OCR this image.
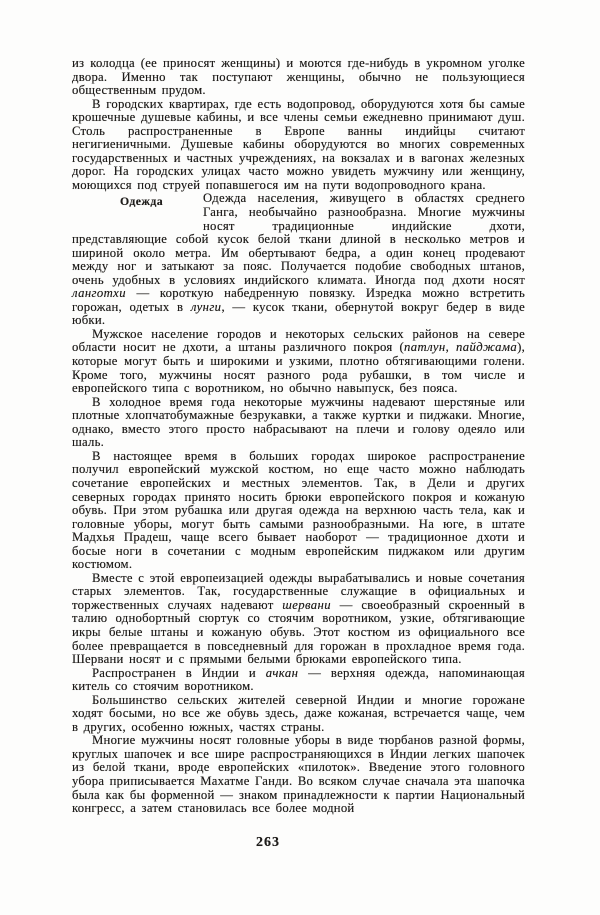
из колодца (ее приносят женщины) и моются где-нибудь в укромном уголке двора. Именно так поступают женщины, обычно не пользующиеся общественным прудом.

В городских квартирах, где есть водопровод, оборудуются хотя бы самые крошечные душевые кабины, и все члены семьи ежедневно принимают душ. Столь распространенные в Европе ванны индийцы считают негигиеничными. Душевые кабины оборудуются во многих современных государственных и частных учреждениях, на вокзалах и в вагонах железных дорог. На городских улицах часто можно увидеть мужчину или женщину, моющихся под струей попавшегося им на пути водопроводного крана.

Одежда	Одежда населения, живущего в областях среднего Ганга, необычайно разнообразна. Многие мужчины носят традиционные индийские дхоти, представляющие собой кусок белой ткани длиной в несколько метров и шириной около метра. Им обертывают бедра, а один конец продевают между ног и затыкают за пояс. Получается подобие свободных штанов, очень удобных в условиях индийского климата. Иногда под дхоти носят ланготхи — короткую набедренную повязку. Изредка можно встретить горожан, одетых в лунги, — кусок ткани, обернутой вокруг бедер в виде юбки.

Мужское население городов и некоторых сельских районов на севере области носит не дхоти, а штаны различного покроя (патлун, пайджама), которые могут быть и широкими и узкими, плотно обтягивающими голени. Кроме того, мужчины носят разного рода рубашки, в том числе и европейского типа с воротником, но обычно навыпуск, без пояса.

В холодное время года некоторые мужчины надевают шерстяные или плотные хлопчатобумажные безрукавки, а также куртки и пиджаки. Многие, однако, вместо этого просто набрасывают на плечи и голову одеяло или шаль.

В настоящее время в больших городах широкое распространение получил европейский мужской костюм, но еще часто можно наблюдать сочетание европейских и местных элементов. Так, в Дели и других северных городах принято носить брюки европейского покроя и кожаную обувь. При этом рубашка или другая одежда на верхнюю часть тела, как и головные уборы, могут быть самыми разнообразными. На юге, в штате Мадхья Прадеш, чаще всего бывает наоборот — традиционное дхоти и босые ноги в сочетании с модным европейским пиджаком или другим костюмом.

Вместе с этой европеизацией одежды вырабатывались и новые сочетания старых элементов. Так, государственные служащие в официальных и торжественных случаях надевают шервани — своеобразный скроенный в талию однобортный сюртук со стоячим воротником, узкие, обтягивающие икры белые штаны и кожаную обувь. Этот костюм из официального все более превращается в повседневный для горожан в прохладное время года. Шервани носят и с прямыми белыми брюками европейского типа.

Распространен в Индии и ачкан — верхняя одежда, напоминающая китель со стоячим воротником.

Большинство сельских жителей северной Индии и многие горожане ходят босыми, но все же обувь здесь, даже кожаная, встречается чаще, чем в других, особенно южных, частях страны.

Многие мужчины носят головные уборы в виде тюрбанов разной формы, круглых шапочек и все шире распространяющихся в Индии легких шапочек из белой ткани, вроде европейских «пилоток». Введение этого головного убора приписывается Махатме Ганди. Во всяком случае сначала эта шапочка была как бы форменной — знаком принадлежности к партии Национальный конгресс, а затем становилась все более модной

263
